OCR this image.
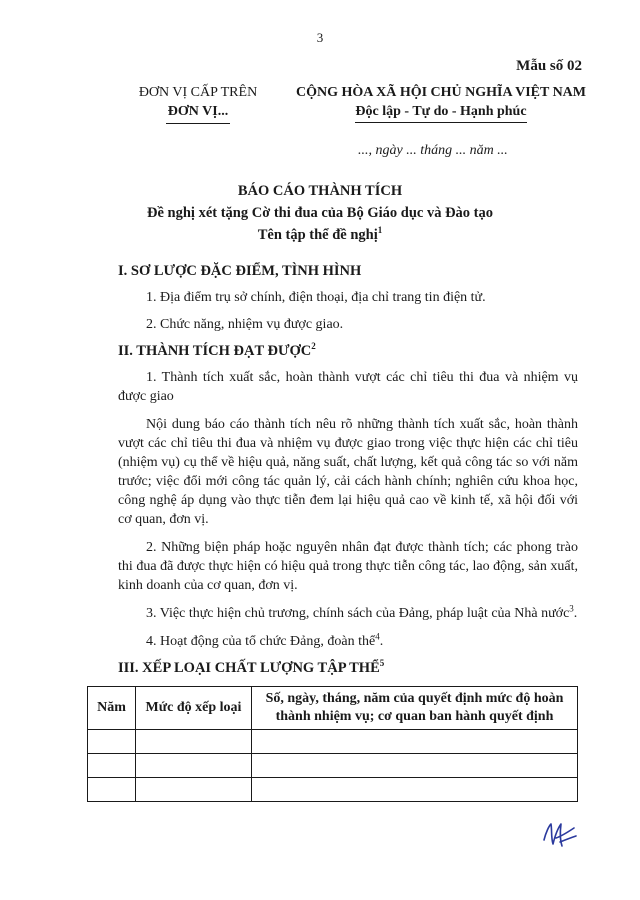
3
Mẫu số 02
ĐƠN VỊ CẤP TRÊN
ĐƠN VỊ...
CỘNG HÒA XÃ HỘI CHỦ NGHĨA VIỆT NAM
Độc lập - Tự do - Hạnh phúc
..., ngày ... tháng ... năm ...
BÁO CÁO THÀNH TÍCH
Đề nghị xét tặng Cờ thi đua của Bộ Giáo dục và Đào tạo
Tên tập thể đề nghị$^1$

I. SƠ LƯỢC ĐẶC ĐIỂM, TÌNH HÌNH

1. Địa điểm trụ sở chính, điện thoại, địa chỉ trang tin điện tử.

2. Chức năng, nhiệm vụ được giao.

II. THÀNH TÍCH ĐẠT ĐƯỢC$^2$

1. Thành tích xuất sắc, hoàn thành vượt các chỉ tiêu thi đua và nhiệm vụ được giao

Nội dung báo cáo thành tích nêu rõ những thành tích xuất sắc, hoàn thành vượt các chỉ tiêu thi đua và nhiệm vụ được giao trong việc thực hiện các chỉ tiêu (nhiệm vụ) cụ thể về hiệu quả, năng suất, chất lượng, kết quả công tác so với năm trước; việc đổi mới công tác quản lý, cải cách hành chính; nghiên cứu khoa học, công nghệ áp dụng vào thực tiễn đem lại hiệu quả cao về kinh tế, xã hội đối với cơ quan, đơn vị.

2. Những biện pháp hoặc nguyên nhân đạt được thành tích; các phong trào thi đua đã được thực hiện có hiệu quả trong thực tiễn công tác, lao động, sản xuất, kinh doanh của cơ quan, đơn vị.

3. Việc thực hiện chủ trương, chính sách của Đảng, pháp luật của Nhà nước$^3$.

4. Hoạt động của tổ chức Đảng, đoàn thể$^4$.

III. XẾP LOẠI CHẤT LƯỢNG TẬP THỂ$^5$

Năm	Mức độ xếp loại	Số, ngày, tháng, năm của quyết định mức độ hoàn thành nhiệm vụ; cơ quan ban hành quyết định
